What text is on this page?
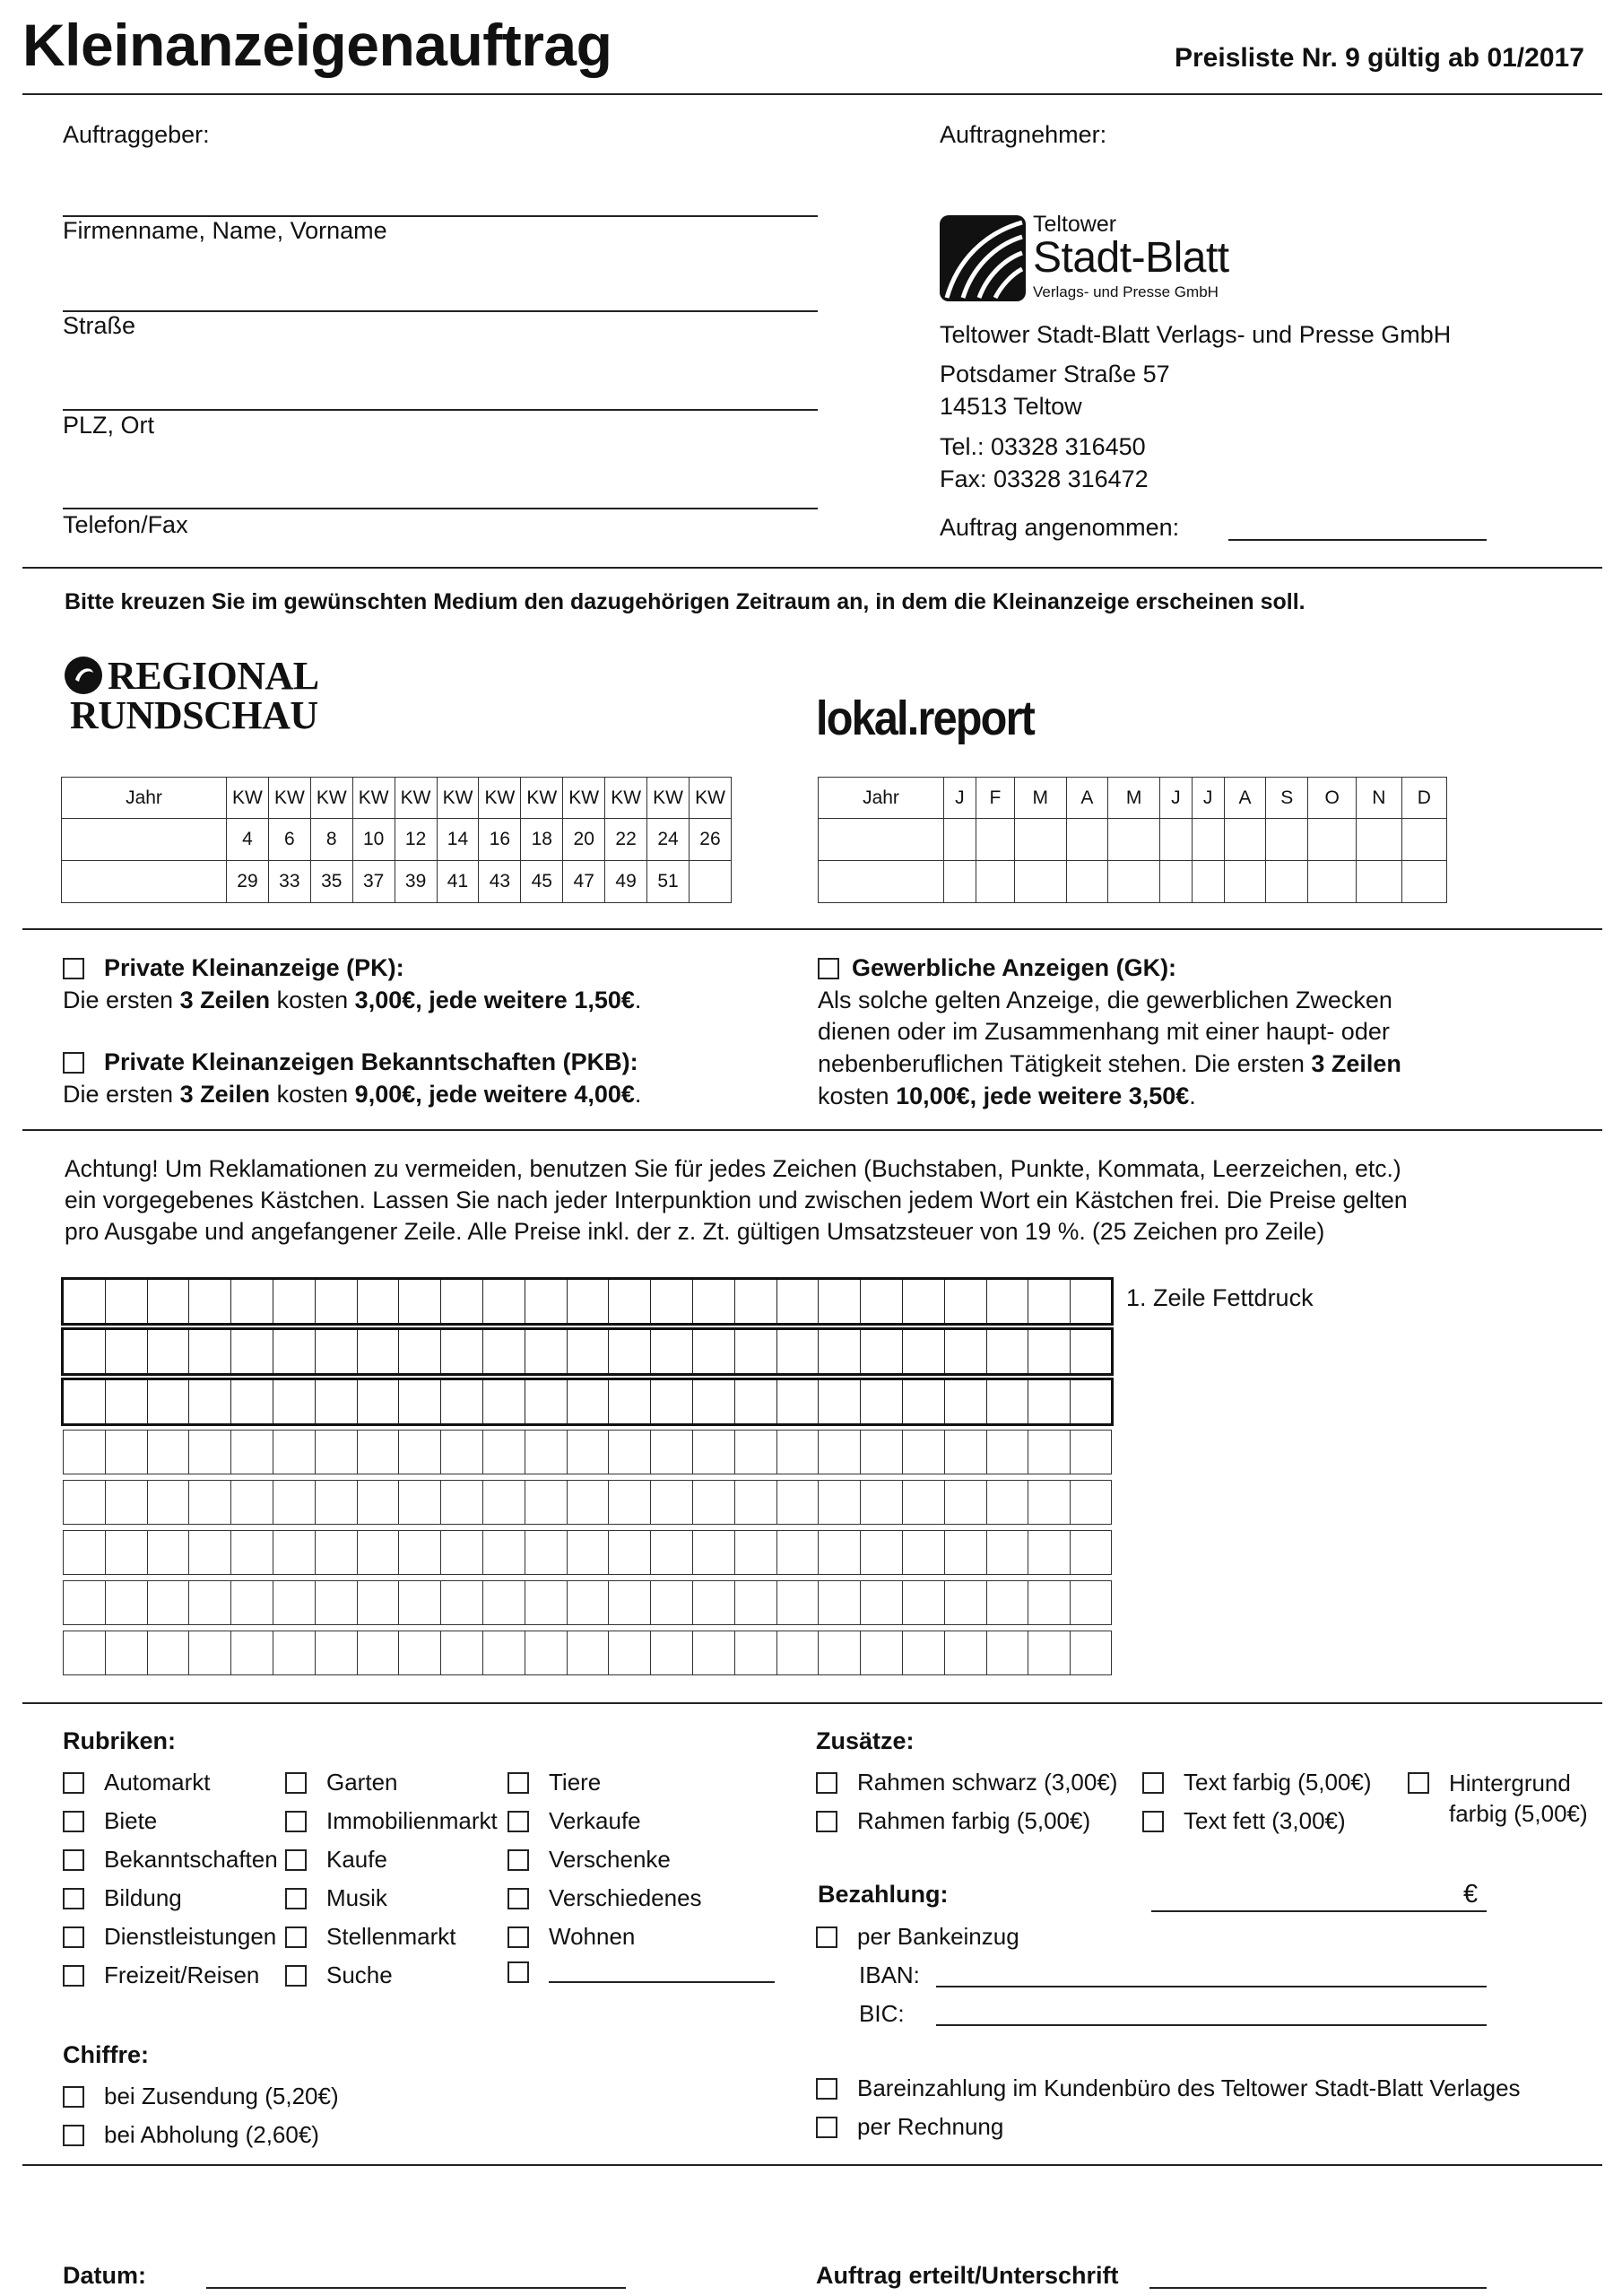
Kleinanzeigenauftrag	Preisliste Nr. 9 gültig ab 01/2017
Auftraggeber:
Firmenname, Name, Vorname
Straße
PLZ, Ort
Telefon/Fax
Auftragnehmer:
Teltower
Stadt-Blatt
Verlags- und Presse GmbH
Teltower Stadt-Blatt Verlags- und Presse GmbH
Potsdamer Straße 57
14513 Teltow
Tel.: 03328 316450
Fax: 03328 316472
Auftrag angenommen:
Bitte kreuzen Sie im gewünschten Medium den dazugehörigen Zeitraum an, in dem die Kleinanzeige erscheinen soll.
REGIONAL
RUNDSCHAU	lokal.report
Jahr	KW	KW	KW	KW	KW	KW	KW	KW	KW	KW	KW	KW
	4	6	8	10	12	14	16	18	20	22	24	26
	29	33	35	37	39	41	43	45	47	49	51	
Jahr	J	F	M	A	M	J	J	A	S	O	N	D

Private Kleinanzeige (PK):
Die ersten 3 Zeilen kosten 3,00€, jede weitere 1,50€.
Private Kleinanzeigen Bekanntschaften (PKB):
Die ersten 3 Zeilen kosten 9,00€, jede weitere 4,00€.
Gewerbliche Anzeigen (GK):
Als solche gelten Anzeige, die gewerblichen Zwecken
dienen oder im Zusammenhang mit einer haupt- oder
nebenberuflichen Tätigkeit stehen. Die ersten 3 Zeilen
kosten 10,00€, jede weitere 3,50€.
Achtung! Um Reklamationen zu vermeiden, benutzen Sie für jedes Zeichen (Buchstaben, Punkte, Kommata, Leerzeichen, etc.)
ein vorgegebenes Kästchen. Lassen Sie nach jeder Interpunktion und zwischen jedem Wort ein Kästchen frei. Die Preise gelten
pro Ausgabe und angefangener Zeile. Alle Preise inkl. der z. Zt. gültigen Umsatzsteuer von 19 %. (25 Zeichen pro Zeile)
1. Zeile Fettdruck
Rubriken:
Automarkt
Biete
Bekanntschaften
Bildung
Dienstleistungen
Freizeit/Reisen
Garten
Immobilienmarkt
Kaufe
Musik
Stellenmarkt
Suche
Tiere
Verkaufe
Verschenke
Verschiedenes
Wohnen
Chiffre:
bei Zusendung (5,20€)
bei Abholung (2,60€)
Zusätze:
Rahmen schwarz (3,00€)
Rahmen farbig (5,00€)
Text farbig (5,00€)
Text fett (3,00€)
Hintergrund
farbig (5,00€)
Bezahlung:	€
per Bankeinzug
IBAN:
BIC:
Bareinzahlung im Kundenbüro des Teltower Stadt-Blatt Verlages
per Rechnung
Datum:	Auftrag erteilt/Unterschrift
